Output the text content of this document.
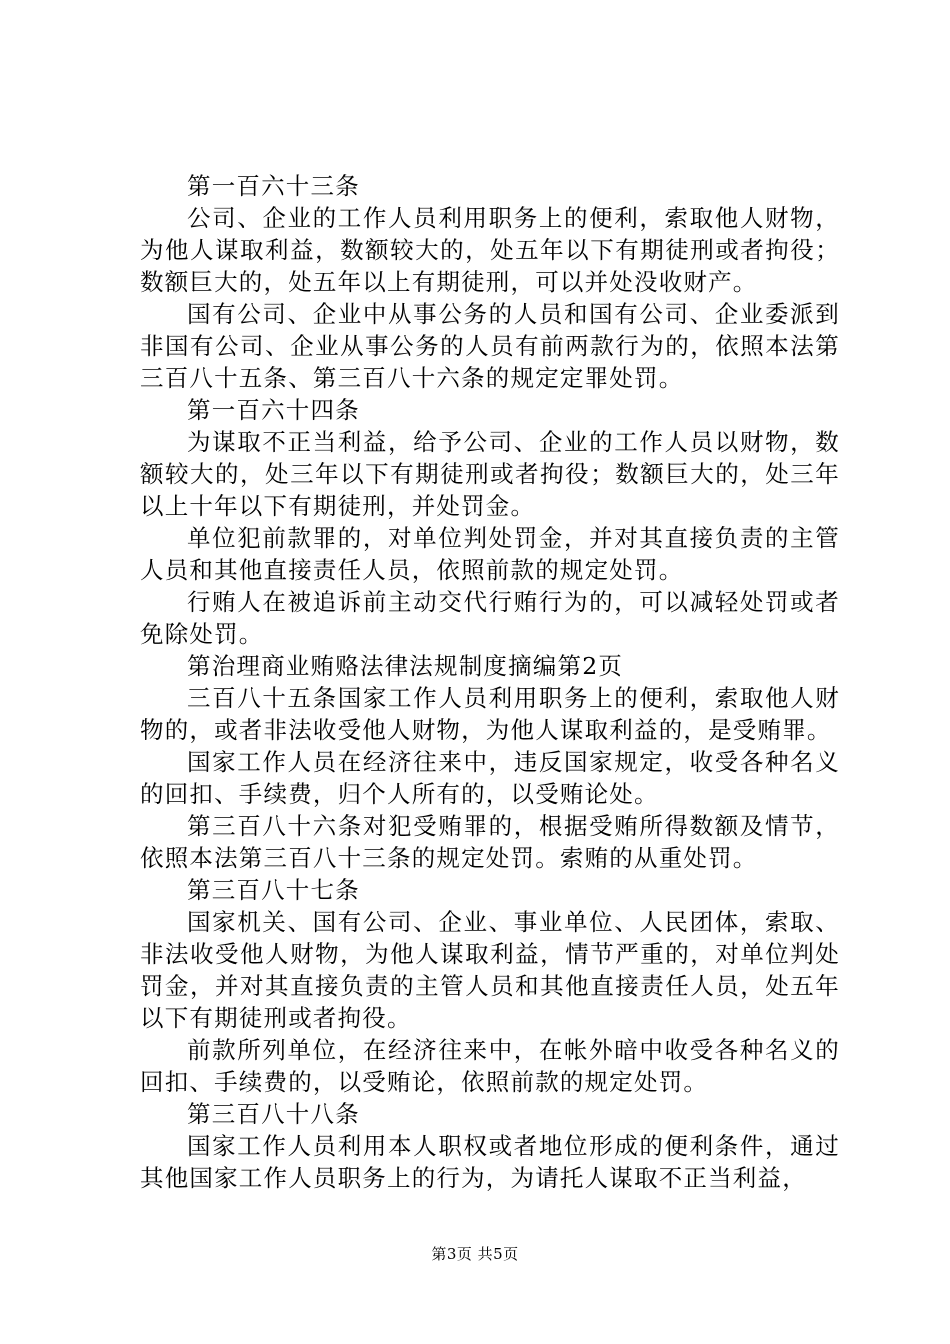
第一百六十三条

公司、企业的工作人员利用职务上的便利，索取他人财物，为他人谋取利益，数额较大的，处五年以下有期徒刑或者拘役；数额巨大的，处五年以上有期徒刑，可以并处没收财产。

国有公司、企业中从事公务的人员和国有公司、企业委派到非国有公司、企业从事公务的人员有前两款行为的，依照本法第三百八十五条、第三百八十六条的规定定罪处罚。

第一百六十四条

为谋取不正当利益，给予公司、企业的工作人员以财物，数额较大的，处三年以下有期徒刑或者拘役；数额巨大的，处三年以上十年以下有期徒刑，并处罚金。

单位犯前款罪的，对单位判处罚金，并对其直接负责的主管人员和其他直接责任人员，依照前款的规定处罚。

行贿人在被追诉前主动交代行贿行为的，可以减轻处罚或者免除处罚。

第治理商业贿赂法律法规制度摘编第2页

三百八十五条国家工作人员利用职务上的便利，索取他人财物的，或者非法收受他人财物，为他人谋取利益的，是受贿罪。

国家工作人员在经济往来中，违反国家规定，收受各种名义的回扣、手续费，归个人所有的，以受贿论处。

第三百八十六条对犯受贿罪的，根据受贿所得数额及情节，依照本法第三百八十三条的规定处罚。索贿的从重处罚。

第三百八十七条

国家机关、国有公司、企业、事业单位、人民团体，索取、非法收受他人财物，为他人谋取利益，情节严重的，对单位判处罚金，并对其直接负责的主管人员和其他直接责任人员，处五年以下有期徒刑或者拘役。

前款所列单位，在经济往来中，在帐外暗中收受各种名义的回扣、手续费的，以受贿论，依照前款的规定处罚。

第三百八十八条

国家工作人员利用本人职权或者地位形成的便利条件，通过其他国家工作人员职务上的行为，为请托人谋取不正当利益，

第3页 共5页
